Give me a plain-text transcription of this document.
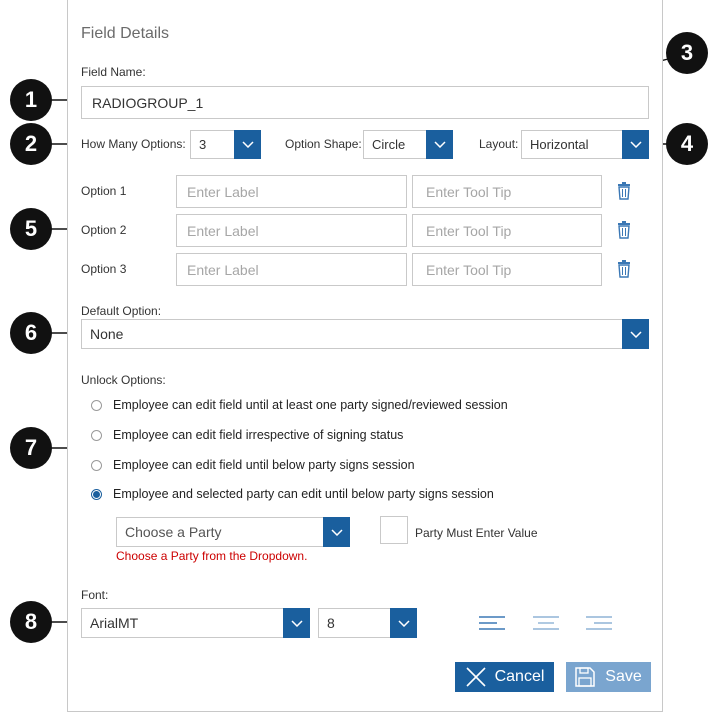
Field Details
Field Name:
RADIOGROUP_1
How Many Options: 3	Option Shape: Circle	Layout: Horizontal
Option 1	Enter Label	Enter Tool Tip
Option 2	Enter Label	Enter Tool Tip
Option 3	Enter Label	Enter Tool Tip
Default Option:
None
Unlock Options:
Employee can edit field until at least one party signed/reviewed session
Employee can edit field irrespective of signing status
Employee can edit field until below party signs session
Employee and selected party can edit until below party signs session
Choose a Party
Choose a Party from the Dropdown.
Party Must Enter Value
Font:
ArialMT	8
Cancel	Save
1
2
3
4
5
6
7
8
